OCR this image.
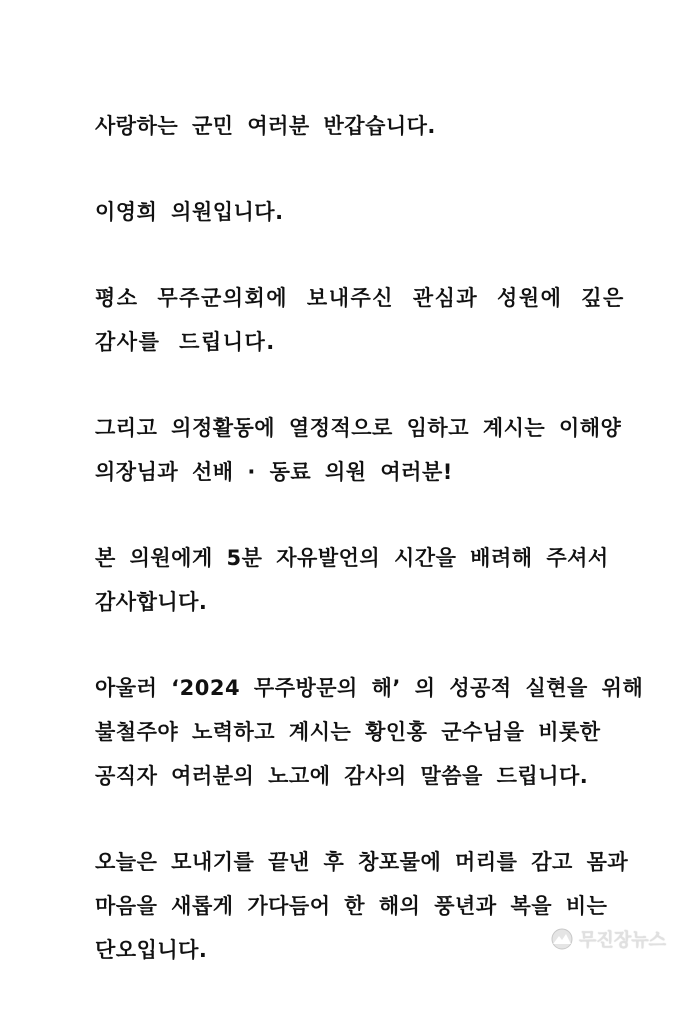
사랑하는 군민 여러분 반갑습니다.

이영희 의원입니다.

평소 무주군의회에 보내주신 관심과 성원에 깊은
감사를 드립니다.

그리고 의정활동에 열정적으로 임하고 계시는 이해양
의장님과 선배 · 동료 의원 여러분!

본 의원에게 5분 자유발언의 시간을 배려해 주셔서
감사합니다.

아울러 ‘2024 무주방문의 해’ 의 성공적 실현을 위해
불철주야 노력하고 계시는 황인홍 군수님을 비롯한
공직자 여러분의 노고에 감사의 말씀을 드립니다.

오늘은 모내기를 끝낸 후 창포물에 머리를 감고 몸과
마음을 새롭게 가다듬어 한 해의 풍년과 복을 비는
단오입니다.	무진장뉴스
